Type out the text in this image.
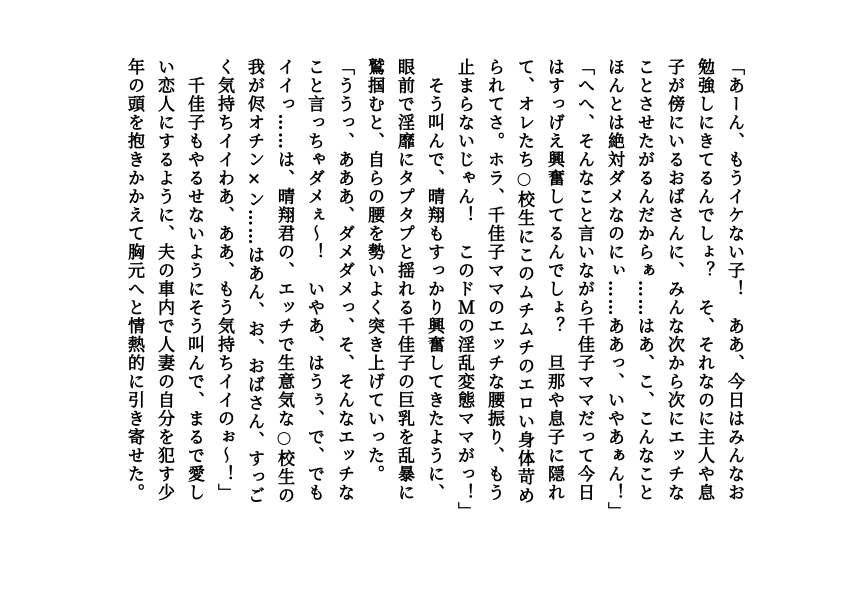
「あーん、もうイケない子！　ああ、今日はみんなお
勉強しにきてるんでしょ？　そ、それなのに主人や息
子が傍にいるおばさんに、みんな次から次にエッチな
ことさせたがるんだからぁ……はあ、こ、こんなこと
ほんとは絶対ダメなのにぃ……ああっ、いやあぁん！」
「へへ、そんなこと言いながら千佳子ママだって今日
はすっげえ興奮してるんでしょ？　旦那や息子に隠れ
て、オレたち○校生にこのムチムチのエロい身体苛め
られてさ。ホラ、千佳子ママのエッチな腰振り、もう
止まらないじゃん！　このドＭの淫乱変態ママがっ！」
　そう叫んで、晴翔もすっかり興奮してきたように、
眼前で淫靡にタプタプと揺れる千佳子の巨乳を乱暴に
鷲掴むと、自らの腰を勢いよく突き上げていった。
「ううっ、あああ、ダメダメっ、そ、そんなエッチな
こと言っちゃダメぇ～！　いやあ、はうぅ、で、でも
イイっ……は、晴翔君の、エッチで生意気な○校生の
我が侭オチン×ン……はあん、お、おばさん、すっご
く気持ちイイわあ、ああ、もう気持ちイイのぉ～！」
　千佳子もやるせないようにそう叫んで、まるで愛し
い恋人にするように、夫の車内で人妻の自分を犯す少
年の頭を抱きかかえて胸元へと情熱的に引き寄せた。
